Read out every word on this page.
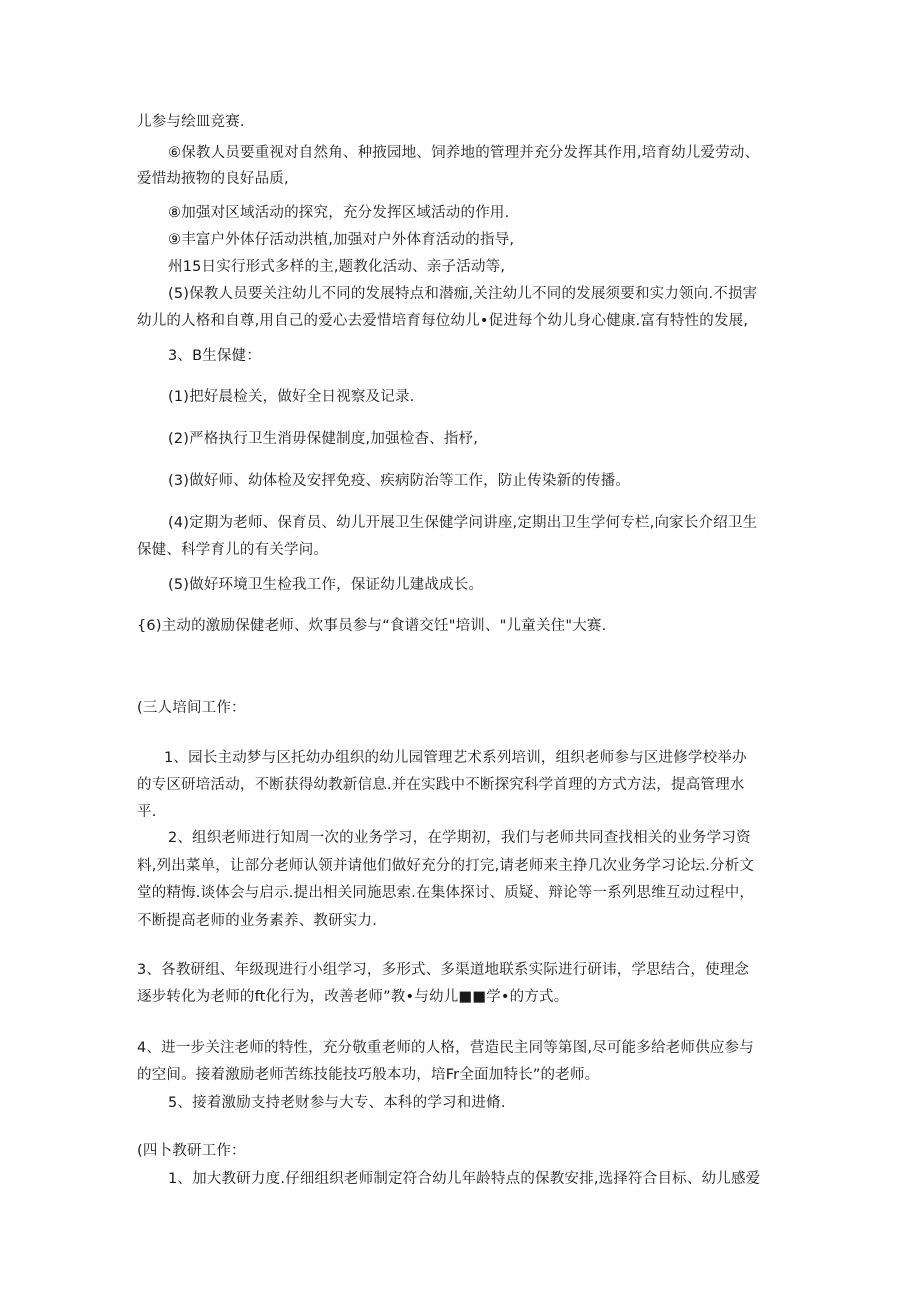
儿参与绘皿竞赛.
⑥保教人员要重视对自然角、种掖园地、饲养地的管理并充分发挥其作用,培育幼儿爱劳动、
爱惜劫掖物的良好品质,
⑧加强对区域活动的探究，充分发挥区域活动的作用.
⑨丰富户外体仔活动洪植,加强对户外体育活动的指导,
州15日实行形式多样的主,题教化活动、亲子活动等,
(5)保教人员要关注幼儿不同的发展特点和潜痂,关注幼儿不同的发展须要和实力领向.不损害
幼儿的人格和自尊,用自己的爱心去爱惜培育每位幼儿•促进每个幼儿身心健康.富有特性的发展,
3、B生保健：
(1)把好晨检关，做好全日视察及记录.
(2)严格执行卫生消毋保健制度,加强检杳、指杼,
(3)做好师、幼体检及安抨免疫、疾病防治等工作，防止传染新的传播。
(4)定期为老师、保育员、幼儿开展卫生保健学问讲座,定期出卫生学何专栏,向家长介绍卫生
保健、科学育儿的有关学问。
(5)做好环境卫生检我工作，保证幼儿建战成长。
{6)主动的激励保健老师、炊事员参与“食谱交饪"培训、"儿童关住"大赛.
(三人培间工作：
1、园长主动梦与区托幼办组织的幼儿园管理艺术系列培训，组织老师参与区进修学校举办
的专区研培活动，不断获得幼教新信息.并在实践中不断探究科学首理的方式方法，提高管理水
平.
2、组织老师进行知周一次的业务学习，在学期初，我们与老师共同查找相关的业务学习资
料,列出菜单，让部分老师认领并请他们做好充分的打完,请老师来主挣几次业务学习论坛.分析文
堂的精悔.谈体会与启示.提出相关同施思索.在集体探讨、质疑、辩论等一系列思维互动过程中，
不断提高老师的业务素养、教研实力.
3、各教研组、年级现进行小组学习，多形式、多渠道地联系实际进行研讳，学思结合，使理念
逐步转化为老师的ft化行为，改善老师”教•与幼儿■■学•的方式。
4、进一步关注老师的特性，充分敬重老师的人格，营造民主同等第图,尽可能多给老师供应参与
的空间。接着激励老师苦练技能技巧般本功，培Fr全面加特长”的老师。
5、接着激励支持老财参与大专、本科的学习和进脩.
(四卜教研工作：
1、加大教研力度.仔细组织老师制定符合幼儿年龄特点的保教安排,选择符合目标、幼儿感爱
